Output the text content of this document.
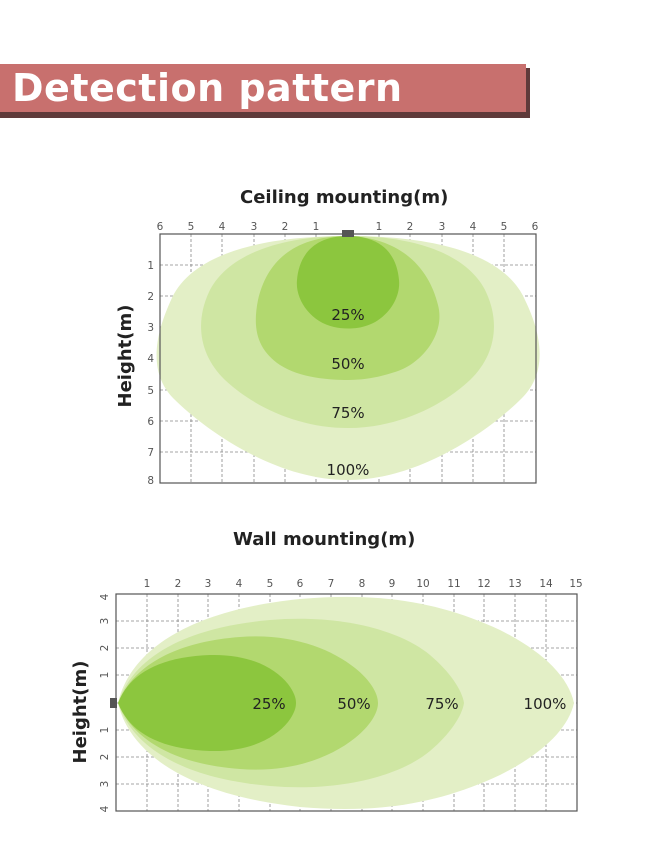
Detection pattern
Ceiling mounting(m)
Wall mounting(m)
6 5 4 3 2 1	1 2 3 4 5 6
1
2
3
4
5
6
7
8
Height(m)	25%
50%
75%
100%
1 2 3 4 5 6 7 8 9 10 11 12 13 14 15
4
3
2
1
1
2
3
4
Height(m)	25%	50%	75%	100%
